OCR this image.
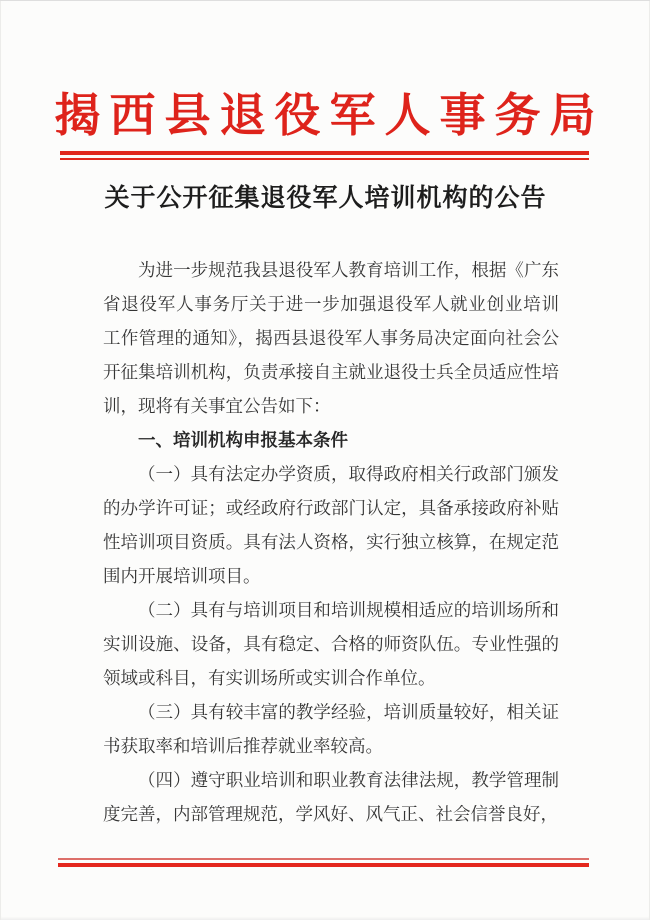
揭西县退役军人事务局
关于公开征集退役军人培训机构的公告
为进一步规范我县退役军人教育培训工作，根据《广东
省退役军人事务厅关于进一步加强退役军人就业创业培训
工作管理的通知》，揭西县退役军人事务局决定面向社会公
开征集培训机构，负责承接自主就业退役士兵全员适应性培
训，现将有关事宜公告如下：
一、培训机构申报基本条件
（一）具有法定办学资质，取得政府相关行政部门颁发
的办学许可证；或经政府行政部门认定，具备承接政府补贴
性培训项目资质。具有法人资格，实行独立核算，在规定范
围内开展培训项目。
（二）具有与培训项目和培训规模相适应的培训场所和
实训设施、设备，具有稳定、合格的师资队伍。专业性强的
领域或科目，有实训场所或实训合作单位。
（三）具有较丰富的教学经验，培训质量较好，相关证
书获取率和培训后推荐就业率较高。
（四）遵守职业培训和职业教育法律法规，教学管理制
度完善，内部管理规范，学风好、风气正、社会信誉良好，
